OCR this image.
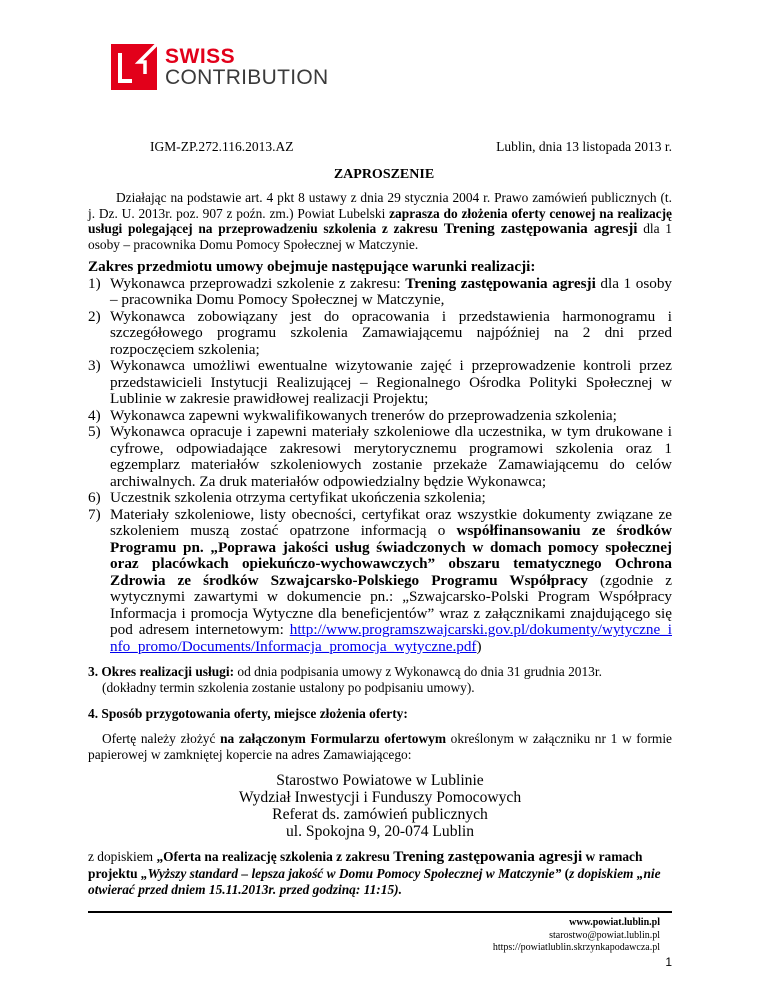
SWISS
CONTRIBUTION
IGM-ZP.272.116.2013.AZ	Lublin, dnia 13 listopada 2013 r.
ZAPROSZENIE

Działając na podstawie art. 4 pkt 8 ustawy z dnia 29 stycznia 2004 r. Prawo zamówień publicznych (t. j. Dz. U. 2013r. poz. 907 z poźn. zm.) Powiat Lubelski zaprasza do złożenia oferty cenowej na realizację usługi polegającej na przeprowadzeniu szkolenia z zakresu Trening zastępowania agresji dla 1 osoby – pracownika Domu Pomocy Społecznej w Matczynie.

Zakres przedmiotu umowy obejmuje następujące warunki realizacji:

1) Wykonawca przeprowadzi szkolenie z zakresu: Trening zastępowania agresji dla 1 osoby – pracownika Domu Pomocy Społecznej w Matczynie,
2) Wykonawca zobowiązany jest do opracowania i przedstawienia harmonogramu i szczegółowego programu szkolenia Zamawiającemu najpóźniej na 2 dni przed rozpoczęciem szkolenia;
3) Wykonawca umożliwi ewentualne wizytowanie zajęć i przeprowadzenie kontroli przez przedstawicieli Instytucji Realizującej – Regionalnego Ośrodka Polityki Społecznej w Lublinie w zakresie prawidłowej realizacji Projektu;
4) Wykonawca zapewni wykwalifikowanych trenerów do przeprowadzenia szkolenia;
5) Wykonawca opracuje i zapewni materiały szkoleniowe dla uczestnika, w tym drukowane i cyfrowe, odpowiadające zakresowi merytorycznemu programowi szkolenia oraz 1 egzemplarz materiałów szkoleniowych zostanie przekaże Zamawiającemu do celów archiwalnych. Za druk materiałów odpowiedzialny będzie Wykonawca;
6) Uczestnik szkolenia otrzyma certyfikat ukończenia szkolenia;
7) Materiały szkoleniowe, listy obecności, certyfikat oraz wszystkie dokumenty związane ze szkoleniem muszą zostać opatrzone informacją o współfinansowaniu ze środków Programu pn. „Poprawa jakości usług świadczonych w domach pomocy społecznej oraz placówkach opiekuńczo-wychowawczych” obszaru tematycznego Ochrona Zdrowia ze środków Szwajcarsko-Polskiego Programu Współpracy (zgodnie z wytycznymi zawartymi w dokumencie pn.: „Szwajcarsko-Polski Program Współpracy Informacja i promocja Wytyczne dla beneficjentów” wraz z załącznikami znajdującego się pod adresem internetowym: http://www.programszwajcarski.gov.pl/dokumenty/wytyczne_info_promo/Documents/Informacja_promocja_wytyczne.pdf)

3. Okres realizacji usługi: od dnia podpisania umowy z Wykonawcą do dnia 31 grudnia 2013r.
(dokładny termin szkolenia zostanie ustalony po podpisaniu umowy).

4. Sposób przygotowania oferty, miejsce złożenia oferty:

Ofertę należy złożyć na załączonym Formularzu ofertowym określonym w załączniku nr 1 w formie papierowej w zamkniętej kopercie na adres Zamawiającego:

Starostwo Powiatowe w Lublinie
Wydział Inwestycji i Funduszy Pomocowych
Referat ds. zamówień publicznych
ul. Spokojna 9, 20-074 Lublin

z dopiskiem „Oferta na realizację szkolenia z zakresu Trening zastępowania agresji w ramach projektu „Wyższy standard – lepsza jakość w Domu Pomocy Społecznej w Matczynie” (z dopiskiem „nie otwierać przed dniem 15.11.2013r. przed godziną: 11:15).

www.powiat.lublin.pl
starostwo@powiat.lublin.pl
https://powiatlublin.skrzynkapodawcza.pl
1
